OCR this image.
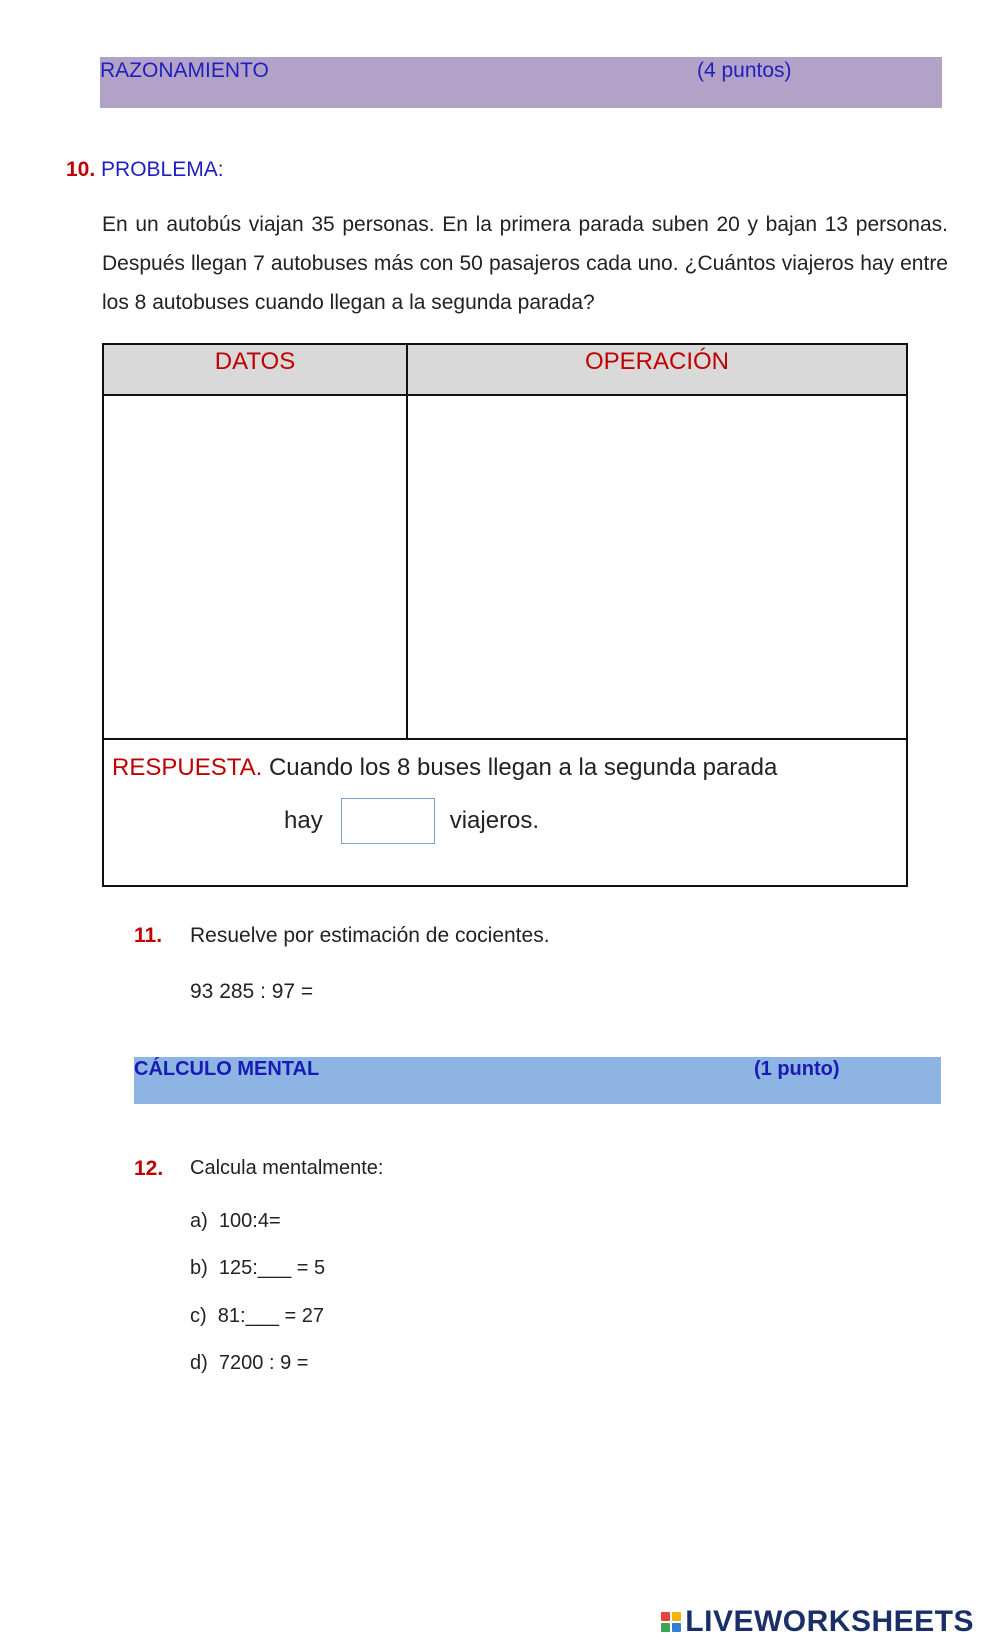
RAZONAMIENTO	(4 puntos)
10. PROBLEMA:
En un autobús viajan 35 personas. En la primera parada suben 20 y bajan 13 personas. Después llegan 7 autobuses más con 50 pasajeros cada uno. ¿Cuántos viajeros hay entre los 8 autobuses cuando llegan a la segunda parada?
DATOS	OPERACIÓN

RESPUESTA. Cuando los 8 buses llegan a la segunda parada
hay viajeros.	
11. Resuelve por estimación de cocientes.
93 285 : 97 =
CÁLCULO MENTAL	(1 punto)
12. Calcula mentalmente:
a) 100:4=
b) 125:___ = 5
c) 81:___ = 27
d) 7200 : 9 =
LIVEWORKSHEETS
